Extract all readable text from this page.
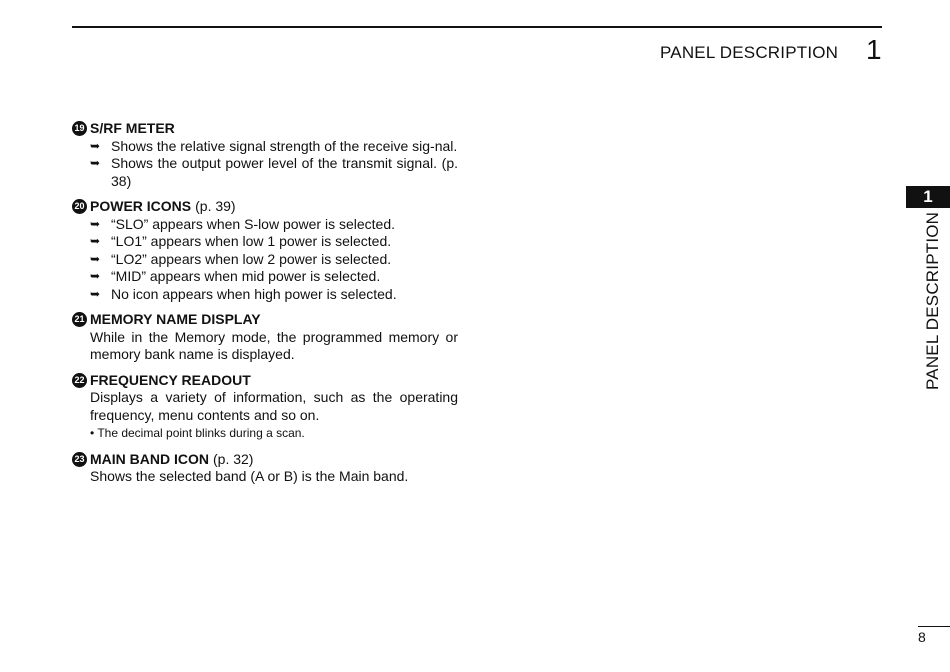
PANEL DESCRIPTION 1
19 S/RF METER
➥ Shows the relative signal strength of the receive sig-nal.
➥ Shows the output power level of the transmit signal. (p. 38)
20 POWER ICONS (p. 39)
➥ “SLO” appears when S-low power is selected.
➥ “LO1” appears when low 1 power is selected.
➥ “LO2” appears when low 2 power is selected.
➥ “MID” appears when mid power is selected.
➥ No icon appears when high power is selected.
21 MEMORY NAME DISPLAY
While in the Memory mode, the programmed memory or memory bank name is displayed.
22 FREQUENCY READOUT
Displays a variety of information, such as the operating frequency, menu contents and so on.
• The decimal point blinks during a scan.
23 MAIN BAND ICON (p. 32)
Shows the selected band (A or B) is the Main band.
1
PANEL DESCRIPTION
8
